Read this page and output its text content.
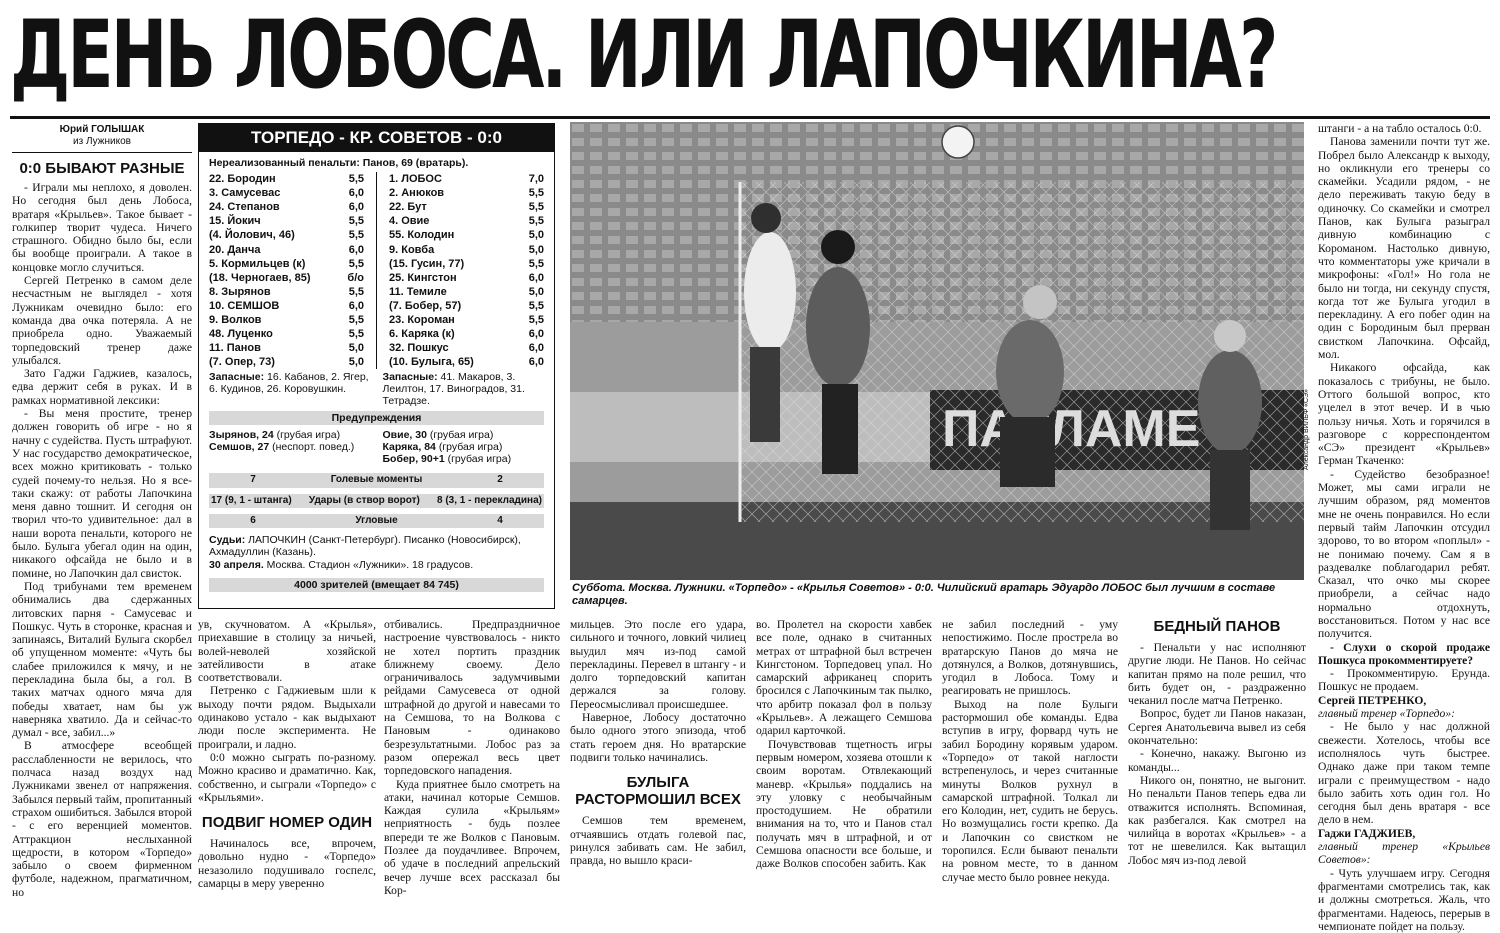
ДЕНЬ ЛОБОСА. ИЛИ ЛАПОЧКИНА?
Юрий ГОЛЫШАК
из Лужников
0:0 БЫВАЮТ РАЗНЫЕ

- Играли мы неплохо, я доволен. Но сегодня был день Лобоса, вратаря «Крыльев». Такое бывает - голкипер творит чудеса. Ничего страшного. Обидно было бы, если бы вообще проиграли. А такое в концовке могло случиться.

Сергей Петренко в самом деле несчастным не выглядел - хотя Лужникам очевидно было: его команда два очка потеряла. А не приобрела одно. Уважаемый торпедовский тренер даже улыбался.

Зато Гаджи Гаджиев, казалось, едва держит себя в руках. И в рамках нормативной лексики:

- Вы меня простите, тренер должен говорить об игре - но я начну с судейства. Пусть штрафуют. У нас государство демократическое, всех можно критиковать - только судей почему-то нельзя. Но я все-таки скажу: от работы Лапочкина меня давно тошнит. И сегодня он творил что-то удивительное: дал в наши ворота пенальти, которого не было. Булыга убегал один на один, никакого офсайда не было и в помине, но Лапочкин дал свисток.

Под трибунами тем временем обнимались два сдержанных литовских парня - Самусевас и Пошкус. Чуть в сторонке, красная и запинаясь, Виталий Булыга скорбел об упущенном моменте: «Чуть бы слабее приложился к мячу, и не перекладина была бы, а гол. В таких матчах одного мяча для победы хватает, нам бы уж наверняка хватило. Да и сейчас-то думал - все, забил...»

В атмосфере всеобщей расслабленности не верилось, что полчаса назад воздух над Лужниками звенел от напряжения. Забылся первый тайм, пропитанный страхом ошибиться. Забылся второй - с его веренцией моментов. Аттракцион неслыханной щедрости, в котором «Торпедо» забыло о своем фирменном футболе, надежном, прагматичном, но

ТОРПЕДО - КР. СОВЕТОВ - 0:0
Нереализованный пенальти: Панов, 69 (вратарь).
22. Бородин	5,5
3. Самусевас	6,0
24. Степанов	6,0
15. Йокич	5,5
(4. Йолович, 46)	5,5
20. Данча	6,0
5. Кормильцев (к)	5,5
(18. Черногаев, 85)	б/о
8. Зырянов	5,5
10. СЕМШОВ	6,0
9. Волков	5,5
48. Луценко	5,5
11. Панов	5,0
(7. Опер, 73)	5,0
1. ЛОБОС	7,0
2. Анюков	5,5
22. Бут	5,5
4. Овие	5,5
55. Колодин	5,0
9. Ковба	5,0
(15. Гусин, 77)	5,5
25. Кингстон	6,0
11. Темиле	5,0
(7. Бобер, 57)	5,5
23. Короман	5,5
6. Каряка (к)	6,0
32. Пошкус	6,0
(10. Булыга, 65)	6,0
Запасные: 16. Кабанов, 2. Ягер, 6. Кудинов, 26. Коровушкин.
Запасные: 41. Макаров, 3. Леилтон, 17. Виноградов, 31. Тетрадзе.
Предупреждения
Зырянов, 24 (грубая игра)
Семшов, 27 (неспорт. повед.)
Овие, 30 (грубая игра)
Каряка, 84 (грубая игра)
Бобер, 90+1 (грубая игра)
7	Голевые моменты	2
17 (9, 1 - штанга) Удары (в створ ворот) 8 (3, 1 - перекладина)
6	Угловые	4
Судьи: ЛАПОЧКИН (Санкт-Петербург). Писанко (Новосибирск), Ахмадуллин (Казань).
30 апреля. Москва. Стадион «Лужники». 18 градусов.
4000 зрителей (вмещает 84 745)
Александр ВИЛЬФ «СЭ»
Суббота. Москва. Лужники. «Торпедо» - «Крылья Советов» - 0:0. Чилийский вратарь Эдуардо ЛОБОС был лучшим в составе самарцев.

ув, скучноватом. А «Крылья», приехавшие в столицу за ничьей, волей-неволей хозяйской затейливости в атаке соответствовали.

Петренко с Гаджиевым шли к выходу почти рядом. Выдыхали одинаково устало - как выдыхают люди после эксперимента. Не проиграли, и ладно.

0:0 можно сыграть по-разному. Можно красиво и драматично. Как, собственно, и сыграли «Торпедо» с «Крыльями».

ПОДВИГ НОМЕР ОДИН

Начиналось все, впрочем, довольно нудно - «Торпедо» незазолило подушивало госпелс, самарцы в меру уверенно

отбивались. Предпраздничное настроение чувствовалось - никто не хотел портить праздник ближнему своему. Дело ограничивалось задумчивыми рейдами Самусевеса от одной штрафной до другой и навесами то на Семшова, то на Волкова с Пановым - одинаково безрезультатными. Лобос раз за разом опережал весь цвет торпедовского нападения.

Куда приятнее было смотреть на атаки, начинал которые Семшов. Каждая сулила «Крыльям» неприятность - будь позлее впереди те же Волков с Пановым. Позлее да поудачливее. Впрочем, об удаче в последний апрельский вечер лучше всех рассказал бы Кор-

мильцев. Это после его удара, сильного и точного, ловкий чилиец выудил мяч из-под самой перекладины. Перевел в штангу - и долго торпедовский капитан держался за голову. Переосмысливал происшедшее.

Наверное, Лобосу достаточно было одного этого эпизода, чтоб стать героем дня. Но вратарские подвиги только начинались.

БУЛЫГА РАСТОРМОШИЛ ВСЕХ

Семшов тем временем, отчаявшись отдать голевой пас, ринулся забивать сам. Не забил, правда, но вышло краси-

во. Пролетел на скорости хавбек все поле, однако в считанных метрах от штрафной был встречен Кингстоном. Торпедовец упал. Но самарский африканец спорить бросился с Лапочкиным так пылко, что арбитр показал фол в пользу «Крыльев». А лежащего Семшова одарил карточкой.

Почувствовав тщетность игры первым номером, хозяева отошли к своим воротам. Отвлекающий маневр. «Крылья» поддались на эту уловку с необычайным простодушием. Не обратили внимания на то, что и Панов стал получать мяч в штрафной, и от Семшова опасности все больше, и даже Волков способен забить. Как

не забил последний - уму непостижимо. После прострела во вратарскую Панов до мяча не дотянулся, а Волков, дотянувшись, угодил в Лобоса. Тому и реагировать не пришлось.

Выход на поле Булыги растормошил обе команды. Едва вступив в игру, форвард чуть не забил Бородину корявым ударом. «Торпедо» от такой наглости встрепенулось, и через считанные минуты Волков рухнул в самарской штрафной. Толкал ли его Колодин, нет, судить не берусь. Но возмущались гости крепко. Да и Лапочкин со свистком не торопился. Если бывают пенальти на ровном месте, то в данном случае место было ровнее некуда.

БЕДНЫЙ ПАНОВ

- Пенальти у нас исполняют другие люди. Не Панов. Но сейчас капитан прямо на поле решил, что бить будет он, - раздраженно чеканил после матча Петренко.

Вопрос, будет ли Панов наказан, Сергея Анатольевича вывел из себя окончательно:

- Конечно, накажу. Выгоню из команды...

Никого он, понятно, не выгонит. Но пенальти Панов теперь едва ли отважится исполнять. Вспоминая, как разбегался. Как смотрел на чилийца в воротах «Крыльев» - а тот не шевелился. Как вытащил Лобос мяч из-под левой

штанги - а на табло осталось 0:0.

Панова заменили почти тут же. Побрел было Александр к выходу, но окликнули его тренеры со скамейки. Усадили рядом, - не дело переживать такую беду в одиночку. Со скамейки и смотрел Панов, как Булыга разыграл дивную комбинацию с Короманом. Настолько дивную, что комментаторы уже кричали в микрофоны: «Гол!» Но гола не было ни тогда, ни секунду спустя, когда тот же Булыга угодил в перекладину. А его побег один на один с Бородиным был прерван свистком Лапочкина. Офсайд, мол.

Никакого офсайда, как показалось с трибуны, не было. Оттого большой вопрос, кто уцелел в этот вечер. И в чью пользу ничья. Хоть и горячился в разговоре с корреспондентом «СЭ» президент «Крыльев» Герман Ткаченко:

- Судейство безобразное! Может, мы сами играли не лучшим образом, ряд моментов мне не очень понравился. Но если первый тайм Лапочкин отсудил здорово, то во втором «поплыл» - не понимаю почему. Сам я в раздевалке поблагодарил ребят. Сказал, что очко мы скорее приобрели, а сейчас надо нормально отдохнуть, восстановиться. Потом у нас все получится.

- Слухи о скорой продаже Пошкуса прокомментируете?

- Прокомментирую. Ерунда. Пошкус не продаем.

Сергей ПЕТРЕНКО,
главный тренер «Торпедо»:

- Не было у нас должной свежести. Хотелось, чтобы все исполнялось чуть быстрее. Однако даже при таком темпе играли с преимуществом - надо было забить хоть один гол. Но сегодня был день вратаря - все дело в нем.

Гаджи ГАДЖИЕВ,
главный тренер «Крыльев Советов»:

- Чуть улучшаем игру. Сегодня фрагментами смотрелись так, как и должны смотреться. Жаль, что фрагментами. Надеюсь, перерыв в чемпионате пойдет на пользу.
